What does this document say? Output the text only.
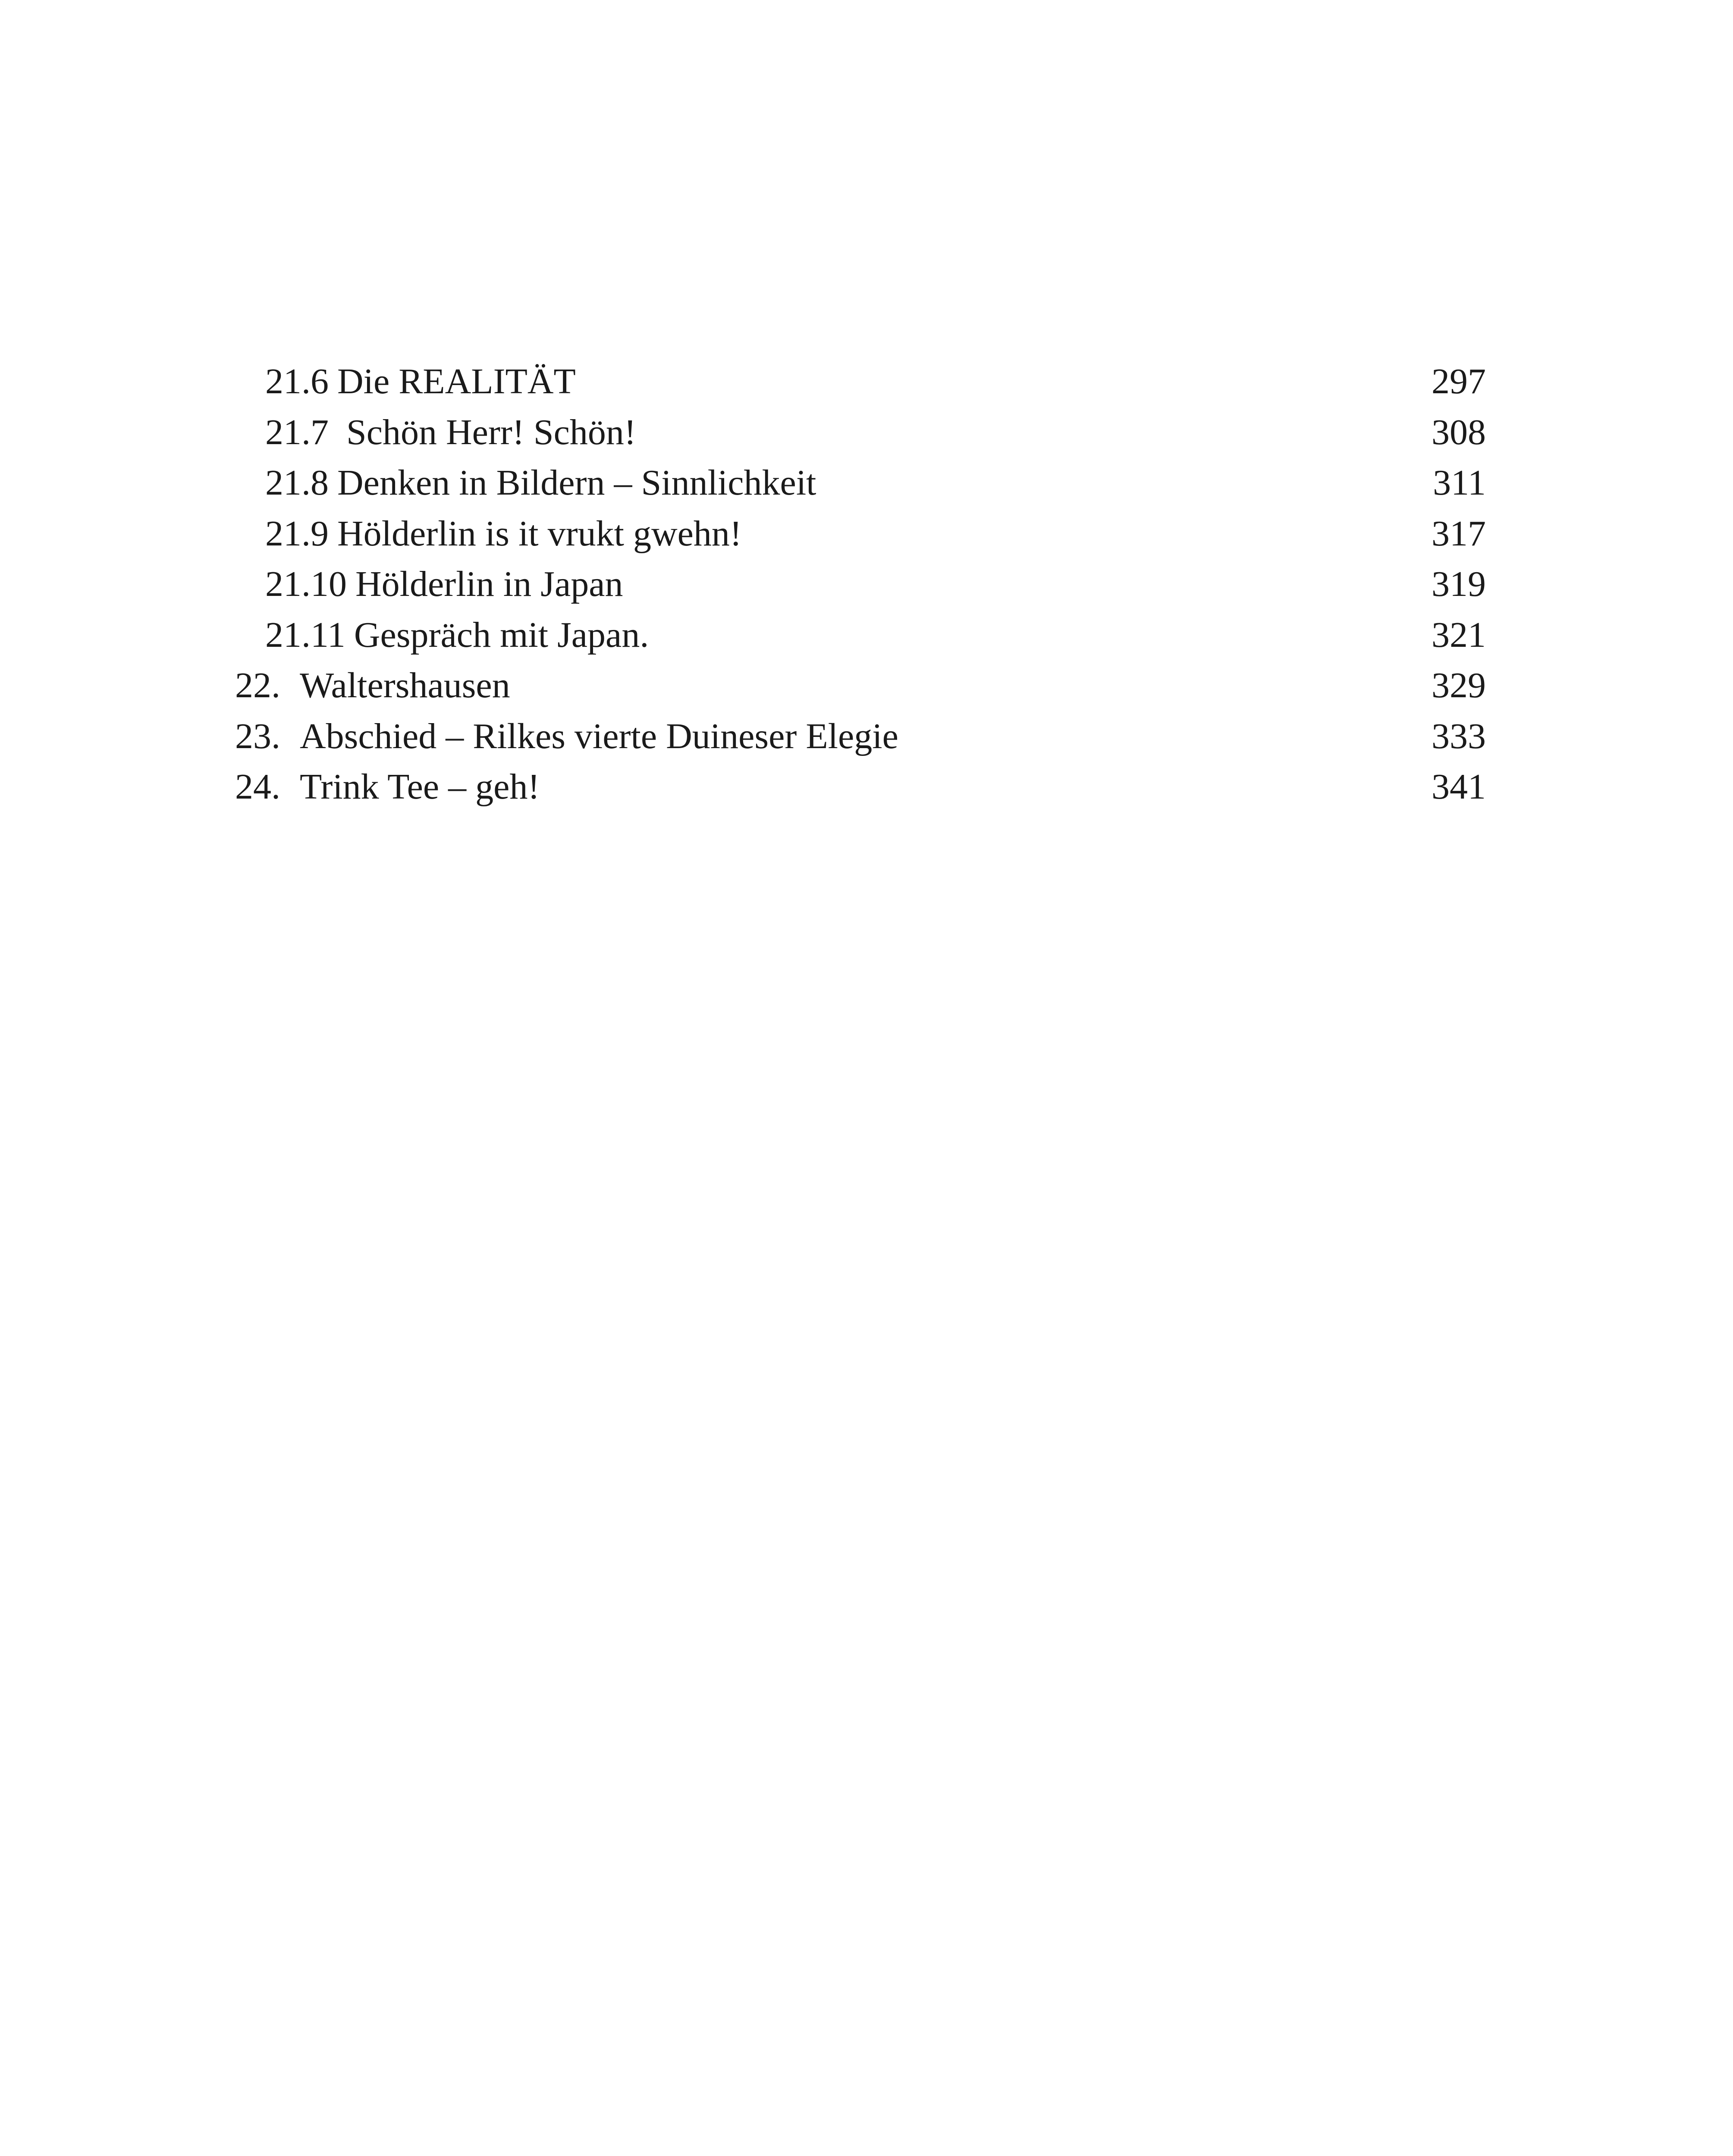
21.6 Die REALITÄT	297
21.7 Schön Herr! Schön!	308
21.8 Denken in Bildern – Sinnlichkeit	311
21.9 Hölderlin is it vrukt gwehn!	317
21.10 Hölderlin in Japan	319
21.11 Gespräch mit Japan.	321
22. Waltershausen	329
23. Abschied – Rilkes vierte Duineser Elegie	333
24. Trink Tee – geh!	341
